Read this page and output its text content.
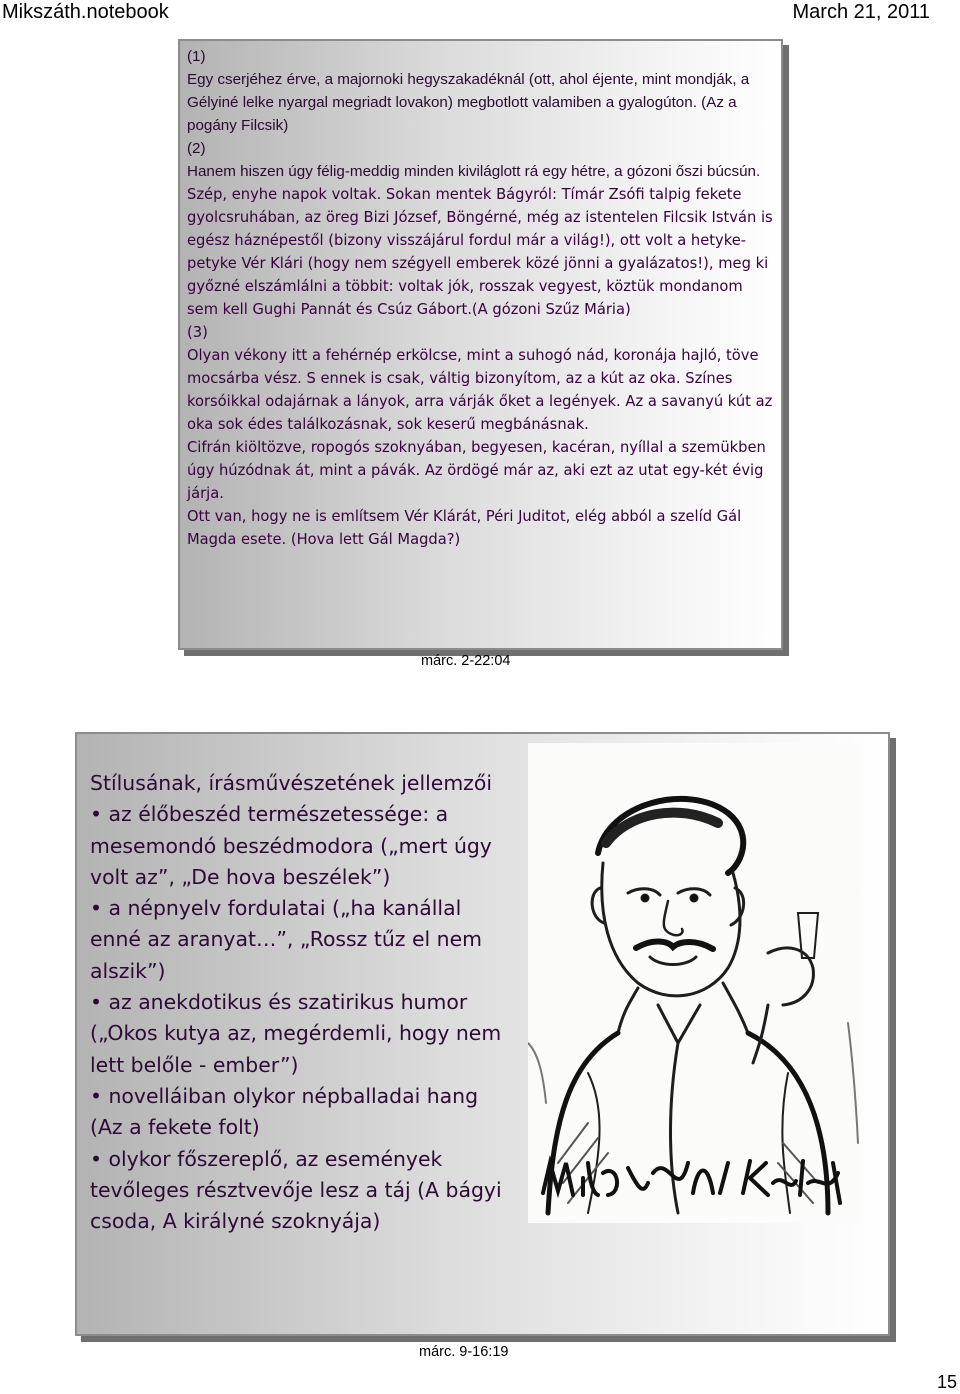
Mikszáth.notebook	March 21, 2011

(1)

Egy cserjéhez érve, a majornoki hegyszakadéknál (ott, ahol éjente, mint mondják, a Gélyiné lelke nyargal megriadt lovakon) megbotlott valamiben a gyalogúton. (Az a pogány Filcsik)

(2)

Hanem hiszen úgy félig-meddig minden kiviláglott rá egy hétre, a gózoni őszi búcsún.

Szép, enyhe napok voltak. Sokan mentek Bágyról: Tímár Zsófi talpig fekete gyolcsruhában, az öreg Bizi József, Böngérné, még az istentelen Filcsik István is egész háznépestől (bizony visszájárul fordul már a világ!), ott volt a hetyke-petyke Vér Klári (hogy nem szégyell emberek közé jönni a gyalázatos!), meg ki győzné elszámlálni a többit: voltak jók, rosszak vegyest, köztük mondanom sem kell Gughi Pannát és Csúz Gábort.(A gózoni Szűz Mária)

(3)

Olyan vékony itt a fehérnép erkölcse, mint a suhogó nád, koronája hajló, töve mocsárba vész. S ennek is csak, váltig bizonyítom, az a kút az oka. Színes korsóikkal odajárnak a lányok, arra várják őket a legények. Az a savanyú kút az oka sok édes találkozásnak, sok keserű megbánásnak.

Cifrán kiöltözve, ropogós szoknyában, begyesen, kacéran, nyíllal a szemükben úgy húzódnak át, mint a pávák. Az ördögé már az, aki ezt az utat egy-két évig járja.

Ott van, hogy ne is említsem Vér Klárát, Péri Juditot, elég abból a szelíd Gál Magda esete. (Hova lett Gál Magda?)

márc. 2-22:04

Stílusának, írásművészetének jellemzői

• az élőbeszéd természetessége: a mesemondó beszédmodora („mert úgy volt az”, „De hova beszélek”)

• a népnyelv fordulatai („ha kanállal enné az aranyat…”, „Rossz tűz el nem alszik”)

• az anekdotikus és szatirikus humor („Okos kutya az, megérdemli, hogy nem lett belőle - ember”)

• novelláiban olykor népballadai hang (Az a fekete folt)

• olykor főszereplő, az események tevőleges résztvevője lesz a táj (A bágyi csoda, A királyné szoknyája)

márc. 9-16:19
15
